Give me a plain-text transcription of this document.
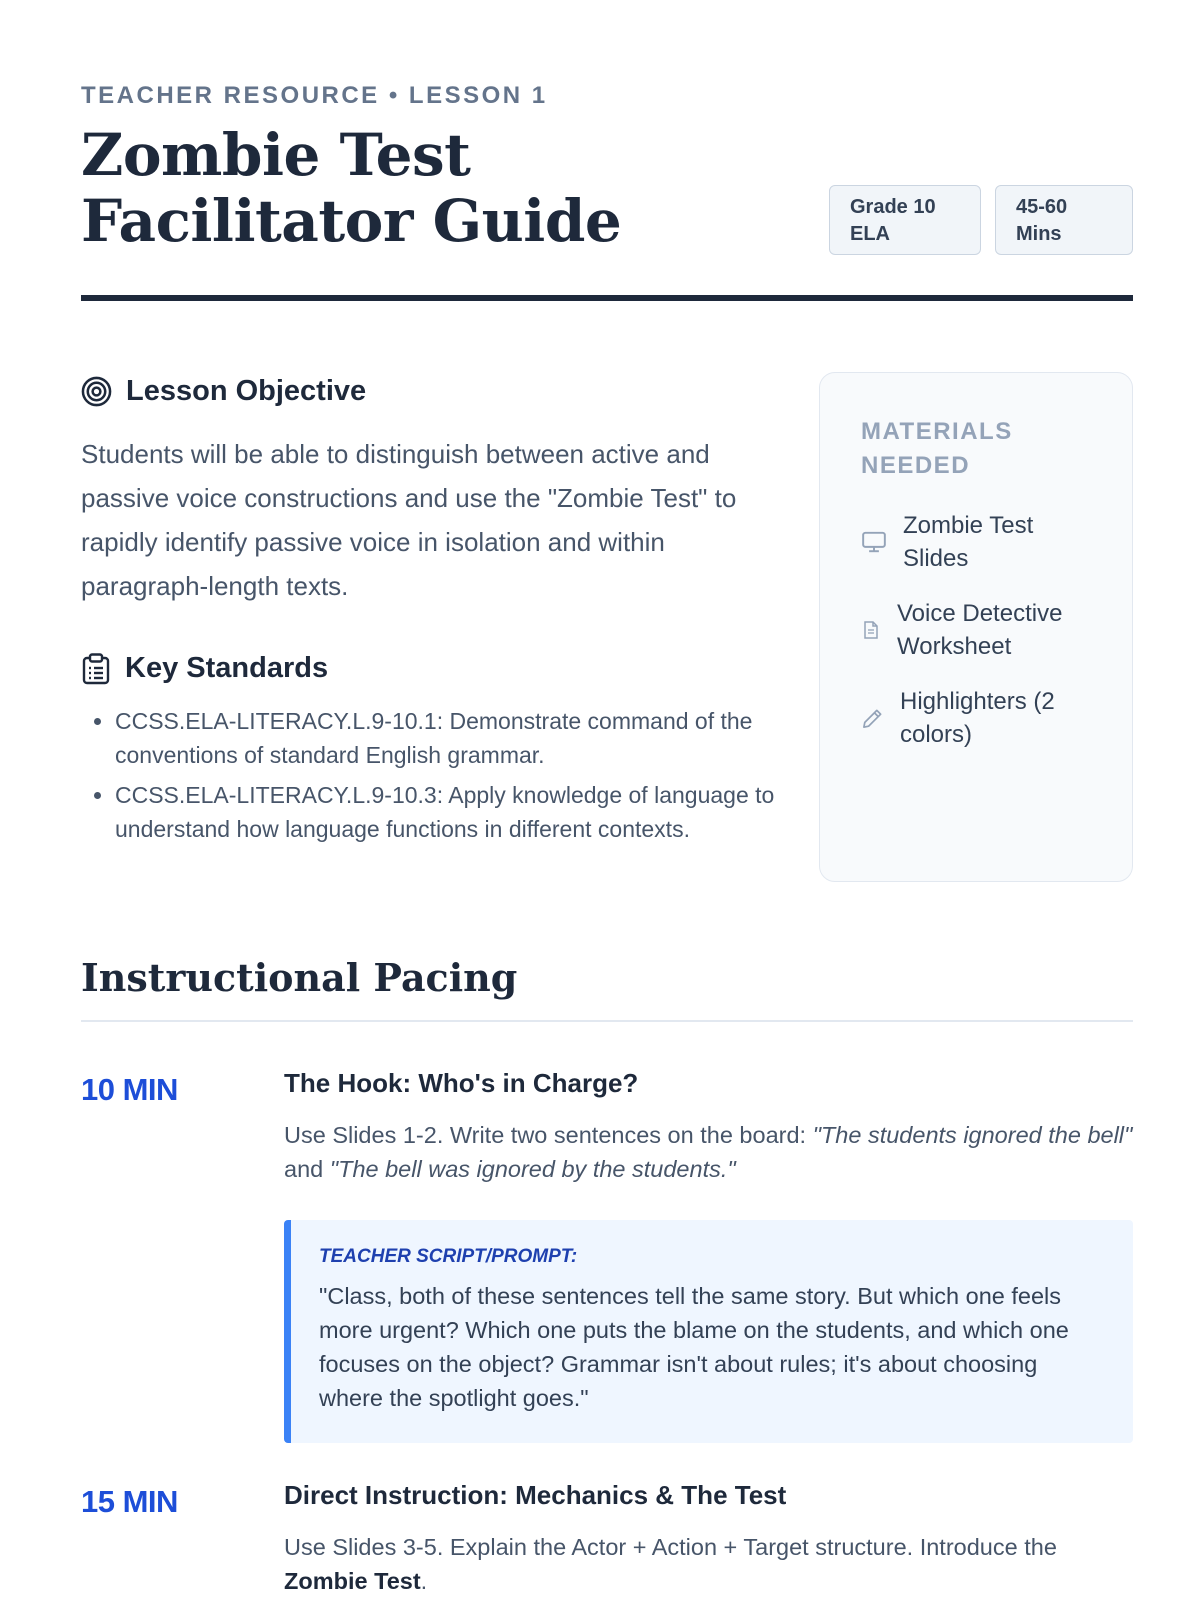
TEACHER RESOURCE • LESSON 1
Zombie Test Facilitator Guide	Grade 10 ELA
45-60 Mins
Lesson Objective

Students will be able to distinguish between active and passive voice constructions and use the "Zombie Test" to rapidly identify passive voice in isolation and within paragraph-length texts.

Key Standards
• CCSS.ELA-LITERACY.L.9-10.1: Demonstrate command of the conventions of standard English grammar.
• CCSS.ELA-LITERACY.L.9-10.3: Apply knowledge of language to understand how language functions in different contexts.
MATERIALS NEEDED
Zombie Test Slides
Voice Detective Worksheet
Highlighters (2 colors)
Instructional Pacing
10 MIN	The Hook: Who's in Charge?

Use Slides 1-2. Write two sentences on the board: "The students ignored the bell" and "The bell was ignored by the students."

TEACHER SCRIPT/PROMPT:

"Class, both of these sentences tell the same story. But which one feels more urgent? Which one puts the blame on the students, and which one focuses on the object? Grammar isn't about rules; it's about choosing where the spotlight goes."

15 MIN	Direct Instruction: Mechanics & The Test

Use Slides 3-5. Explain the Actor + Action + Target structure. Introduce the Zombie Test.
